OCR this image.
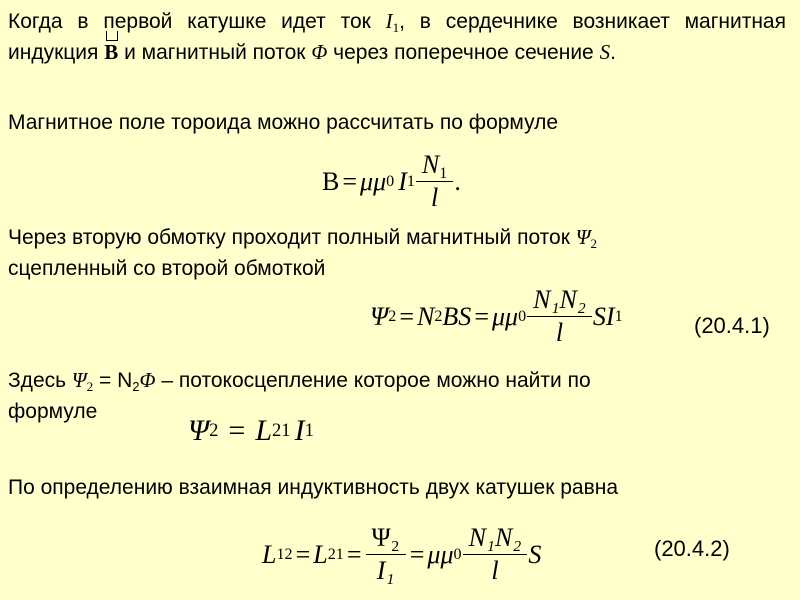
Когда в первой катушке идет ток $I_1$, в сердечнике возникает магнитная индукция
B и магнитный поток Φ через поперечное сечение S.
Магнитное поле тороида можно рассчитать по формуле
B = μμ 0 I $1 \frac{N_1}{l}$ .
Через вторую обмотку проходит полный магнитный поток $\Psi_2$
сцепленный со второй обмоткой
Ψ 2 = N 2 BS = μμ $0 \frac{\text{N₁N₂}}{l}$ SI 1	(20.4.1)
Здесь $\Psi_2 = N_2\Phi$ – потокосцепление которое можно найти по
формуле
Ψ 2 = L 21 I 1
По определению взаимная индуктивность двух катушек равна
L 12 = L $21 = \frac{\text{Ψ₂}}{\text{I₁}} = \mu\mu$ $0 \frac{\text{N₁N₂}}{l}$ S	(20.4.2)
